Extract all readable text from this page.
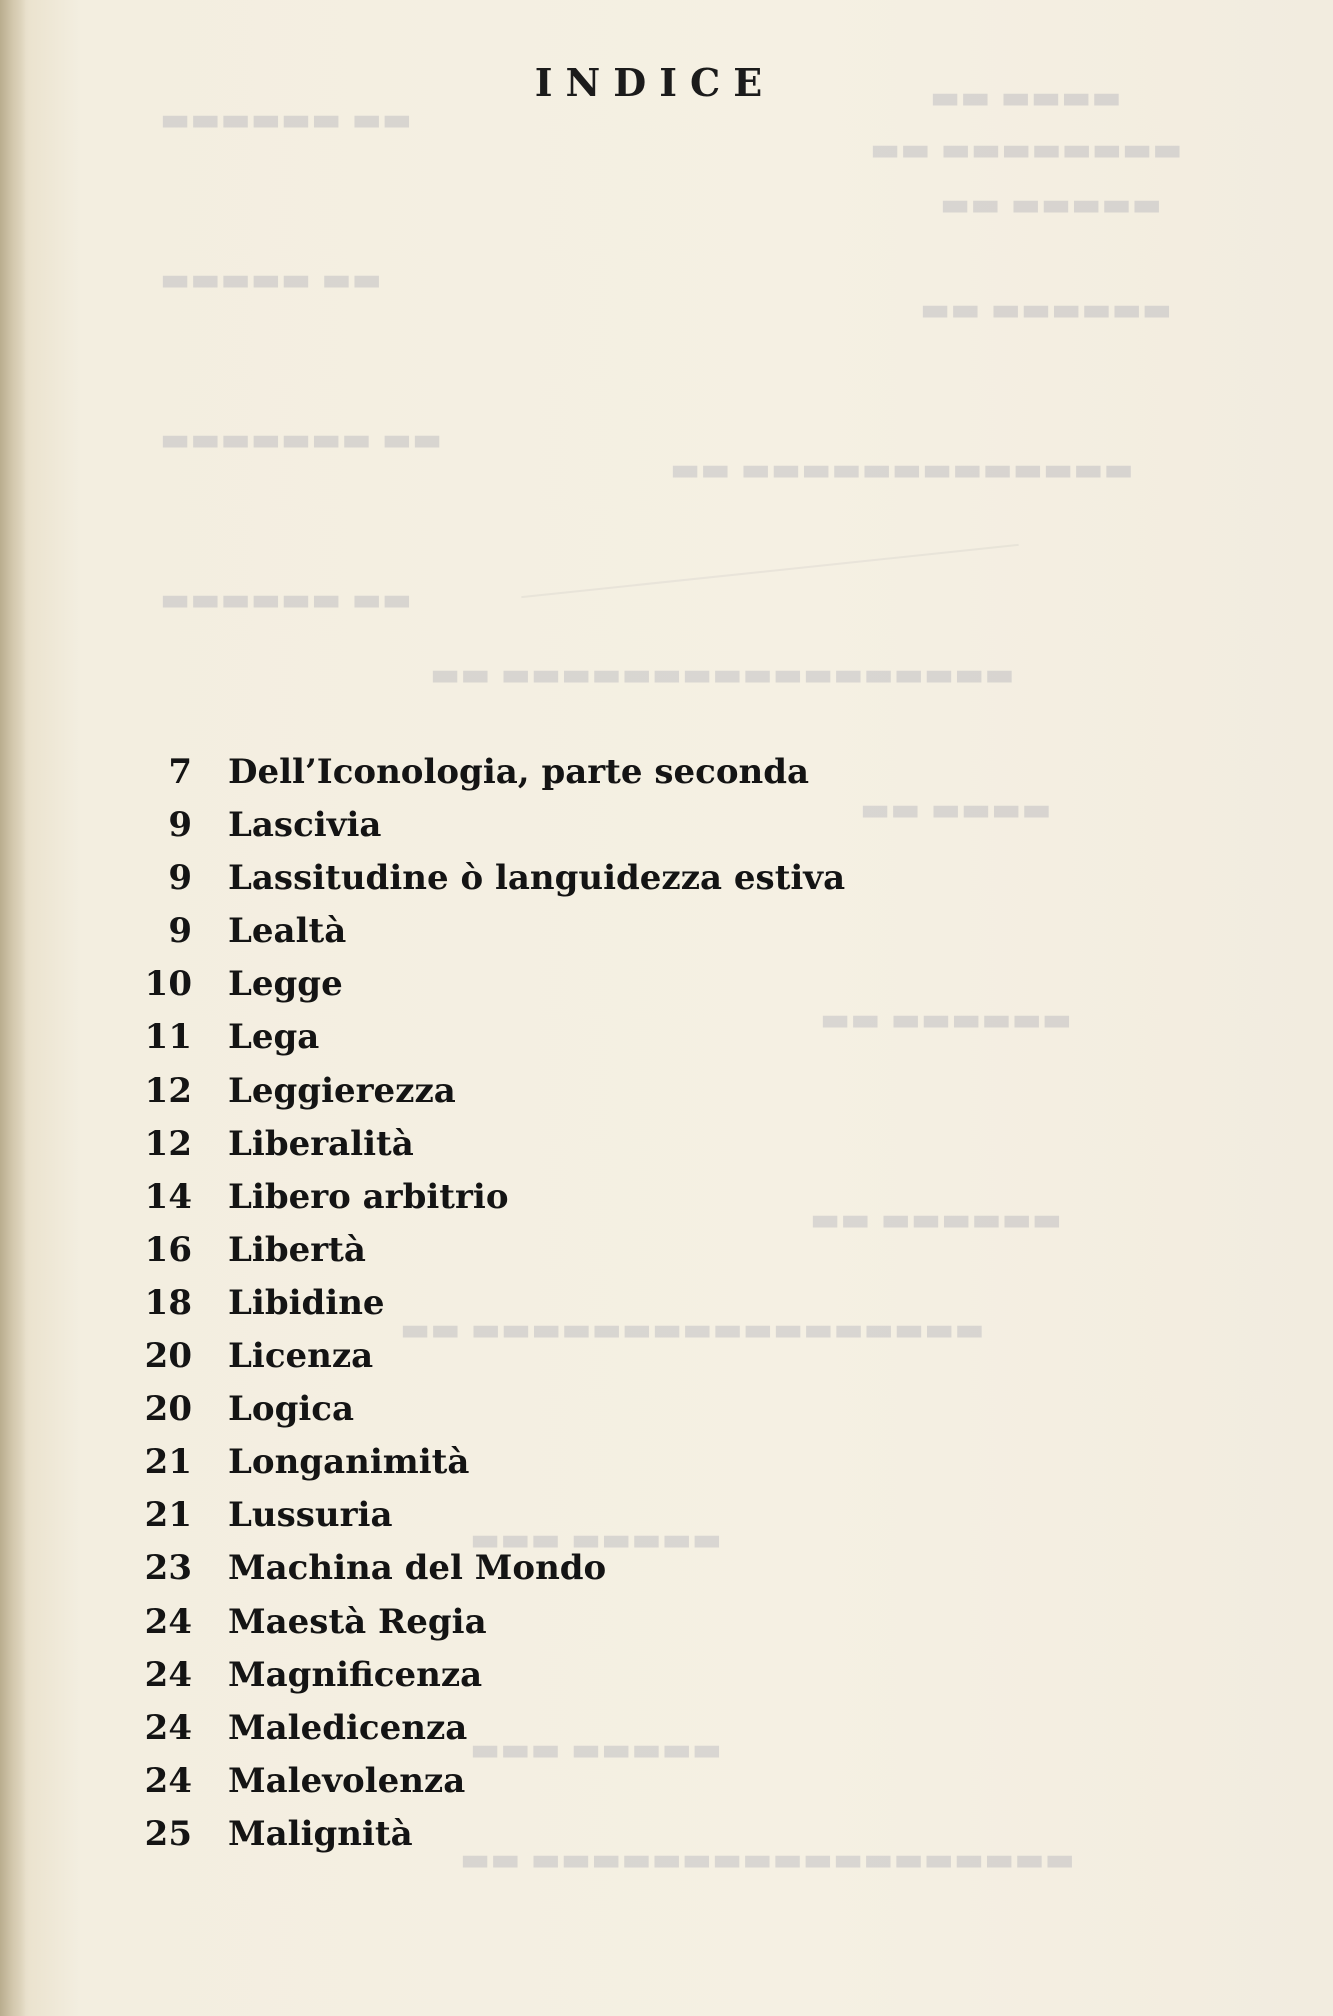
▬▬▬▬ ▬▬
▬▬▬▬▬▬▬▬ ▬▬
▬▬▬▬▬ ▬▬
▬▬▬▬▬▬ ▬▬
▬▬▬▬▬▬▬▬▬▬▬▬▬ ▬▬
▬▬▬▬▬▬▬▬▬▬▬▬▬▬▬▬▬ ▬▬
▬▬ ▬▬▬▬▬▬
▬▬ ▬▬▬▬▬
▬▬ ▬▬▬▬▬▬▬
▬▬ ▬▬▬▬▬▬
▬▬▬▬ ▬▬
▬▬▬▬▬▬ ▬▬
▬▬▬▬▬▬ ▬▬
▬▬▬▬▬▬▬▬▬▬▬▬▬▬▬▬▬ ▬▬
▬▬▬▬▬ ▬▬▬
▬▬▬▬▬ ▬▬▬
▬▬▬▬▬▬▬▬▬▬▬▬▬▬▬▬▬▬ ▬▬
INDICE
7 Dell’Iconologia, parte seconda
9 Lascivia
9 Lassitudine ò languidezza estiva
9 Lealtà
10 Legge
11 Lega
12 Leggierezza
12 Liberalità
14 Libero arbitrio
16 Libertà
18 Libidine
20 Licenza
20 Logica
21 Longanimità
21 Lussuria
23 Machina del Mondo
24 Maestà Regia
24 Magnificenza
24 Maledicenza
24 Malevolenza
25 Malignità
